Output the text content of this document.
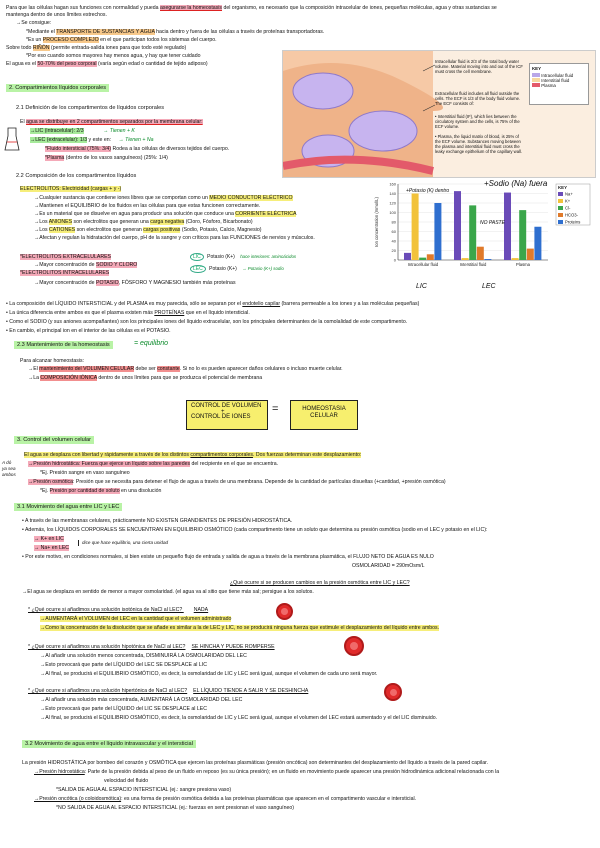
Para que las células hagan sus funciones con normalidad y pueda asegurarse la homeostasis del organismo, es necesario que la composición intracelular de iones, pequeñas moléculas, agua y otras sustancias se
mantenga dentro de unos límites estrechos.
→Se consigue:
*Mediante el TRANSPORTE DE SUSTANCIAS Y AGUA hacia dentro y fuera de las células a través de proteínas transportadoras.
*Es un PROCESO COMPLEJO en el que participan todos los sistemas del cuerpo.
Sobre todo RIÑÓN (permite entrada-salida iones para que todo esté regulado)
*Por eso cuando somos mayores hay menos agua, y hay que tener cuidado
El agua es el 50-70% del peso corporal (varía según edad o cantidad de tejido adiposo)	Intracellular fluid is 2/3 of the total body water volume. Material moving into and out of the ICF must cross the cell membrane.
Extracellular fluid includes all fluid outside the cells. The ECF is 1/3 of the body fluid volume. The ECF consists of:
• Interstitial fluid (IF), which lies between the circulatory system and the cells, is 75% of the ECF volume.
• Plasma, the liquid matrix of blood, is 25% of the ECF volume. Substances moving between the plasma and interstitial fluid must cross the leaky exchange epithelium of the capillary wall.
KEY
Intracellular fluid
Interstitial fluid
Plasma
2. Compartimientos líquidos corporales
2.1 Definición de los compartimentos de líquidos corporales
El agua se distribuye en 2 compartimentos separados por la membrana celular:
→LIC (intracelular): 2/3	→ Tienen + K
→LEC (extracelular): 1/3 y este en: → Tienen + Na
*Fluido intersticial (75%: 3/4) Rodea a las células de diversos tejidos del cuerpo.
*Plasma (dentro de los vasos sanguíneos) (25%: 1/4)
2.2 Composición de los compartimentos líquidos
ELECTROLITOS: Electricidad (cargas + y -)
→Cualquier sustancia que contiene iones libres que se comportan como un MEDIO CONDUCTOR ELÉCTRICO
→Mantienen el EQUILIBRIO de los fluidos en las células para que estas funcionen correctamente.
→Es un material que se disuelve en agua para producir una solución que conduce una CORRIENTE ELÉCTRICA
→Los ANIONES son electrolitos que generan una carga negativa (Cloro, Fósforo, Bicarbonato)
→Los CATIONES son electrolitos que generan cargas positivas (Sodio, Potasio, Calcio, Magnesio)
→Afectan y regulan la hidratación del cuerpo, pH de la sangre y con críticos para las FUNCIONES de nervios y músculos.
*ELECTROLITOS EXTRACELULARES
→Mayor concentración de SODIO Y CLORO
*ELECTROLITOS INTRACELULARES
→Mayor concentración de POTASIO, FÓSFORO Y MAGNESIO también más proteínas
LIC Potasio (K+) hace interiores: aminoácidos
LEC Potasio (K+) → Potasio (K+) sodio
Ion concentration (mmol/L)
0
20
40
60
80
100
120
140
160
Intracellular fluid	Interstitial fluid	Plasma
KEY
Na+
K+
Cl-
HCO3-
Proteins
+Potasio (K) dentro
+Sodio (Na) fuera
NO PASTE
LIC	LEC
• La composición del LÍQUIDO INTERSTICIAL y del PLASMA es muy parecida, sólo se separan por el endotelio capilar (barrera permeable a los iones y a las moléculas pequeñas)
• La única diferencia entre ambos es que el plasma existen más PROTEÍNAS que en el líquido intersticial.
• Como el SODIO (y sus aniones acompañantes) son los principales iones del líquido extracelular, son los principales determinantes de la osmolalidad de este compartimento.
• En cambio, el principal ion en el interior de las células es el POTASIO.
2.3 Mantenimiento de la homeostasis	= equilibrio
Para alcanzar homeostasis:
→El mantenimiento del VOLUMEN CELULAR debe ser constante. Si no lo es pueden aparecer daños celulares o incluso muerte celular.
→La COMPOSICIÓN IÓNICA dentro de unos límites para que se produzca el potencial de membrana
CONTROL DE VOLUMEN
+
CONTROL DE IONES
=	HOMEOSTASIA
CELULAR
3. Control del volumen celular
El agua se desplaza con libertad y rápidamente a través de los distintos compartimentos corporales. Dos fuerzas determinan este desplazamiento:
A dó
ya sea
ambos
→Presión hidrostática: Fuerza que ejerce un líquido sobre las paredes del recipiente en el que se encuentra.
*Ej. Presión sangre en vaso sanguíneo
→Presión osmótica: Presión que se necesita para detener el flujo de agua a través de una membrana. Depende de la cantidad de partículas disueltas (+cantidad, +presión osmótica)
*Ej. Presión por cantidad de soluto en una disolución
3.1 Movimiento del agua entre LIC y LEC
• A través de las membranas celulares, prácticamente NO EXISTEN GRANDIENTES DE PRESIÓN HIDROSTÁTICA.
• Además, los LÍQUIDOS CORPORALES SE ENCUENTRAN EN EQUILIBRIO OSMÓTICO (cada compartimento tiene un soluto que determina su presión osmótica (sodio en el LEC y potasio en el LIC):
→ K+ en LIC
→ Na+ en LEC
dice que hace equilibrio, una cierta unidad
• Por este motivo, en condiciones normales, si bien existe un pequeño flujo de entrada y salida de agua a través de la membrana plasmática, el FLUJO NETO DE AGUA ES NULO
OSMOLARIDAD = 290mOsm/L
¿Qué ocurre si se producen cambios en la presión osmótica entre LIC y LEC?
→El agua se desplaza en sentido de menor a mayor osmolaridad. (el agua va al sitio que tiene más sal; persigue a los solutos.
* ¿Qué ocurre si añadimos una solución isotónica de NaCl al LEC? NADA
→AUMENTARÁ el VOLUMEN del LEC en la cantidad que el volumen administrado
→Como la concentración de la disolución que se añade es similar a la de LEC y LIC, no se producirá ninguna fuerza que estimule el desplazamiento del líquido entre ambos.
* ¿Qué ocurre si añadimos una solución hipotónica de NaCl al LEC? SE HINCHA Y PUEDE ROMPERSE
→Al añadir una solución menos concentrada, DISMINUIRÁ LA OSMOLARIDAD DEL LEC
→Esto provocará que parte del LÍQUIDO del LEC SE DESPLACE al LIC
→Al final, se producirá el EQUILIBRIO OSMÓTICO, es decir, la osmolaridad de LIC y LEC será igual, aunque el volumen de cada uno será mayor.
* ¿Qué ocurre si añadimos una solución hipertónica de NaCl al LEC? EL LÍQUIDO TIENDE A SALIR Y SE DESHINCHA
→Al añadir una solución más concentrada, AUMENTARÁ LA OSMOLARIDAD DEL LEC
→Esto provocará que parte del LÍQUIDO del LIC SE DESPLACE al LEC
→Al final, se producirá el EQUILIBRIO OSMÓTICO, es decir, la osmolaridad de LIC y LEC será igual, aunque el volumen del LEC estará aumentado y el del LIC disminuido.
3.2 Movimiento de agua entre el líquido intravascular y el intersticial
La presión HIDROSTÁTICA por bombeo del corazón y OSMÓTICA que ejercen las proteínas plasmáticas (presión oncótica) son determinantes del desplazamiento del líquido a través de la pared capilar.
→Presión hidrostática: Parte de la presión debida al peso de un fluido en reposo (es su única presión); en un fluido en movimiento puede aparecer una presión hidrodinámica adicional relacionada con la
velocidad del fluido
*SALIDA DE AGUA AL ESPACIO INTERSTICIAL (ej.: sangre presiona vaso)
→Presión oncótica (o coloidosmótica): es una forma de presión osmótica debida a las proteínas plasmáticas que aparecen en el compartimento vascular e intersticial.
*NO SALIDA DE AGUA AL ESPACIO INTERSTICIAL (ej.: fuerzas en sent presionan el vaso sanguíneo)
